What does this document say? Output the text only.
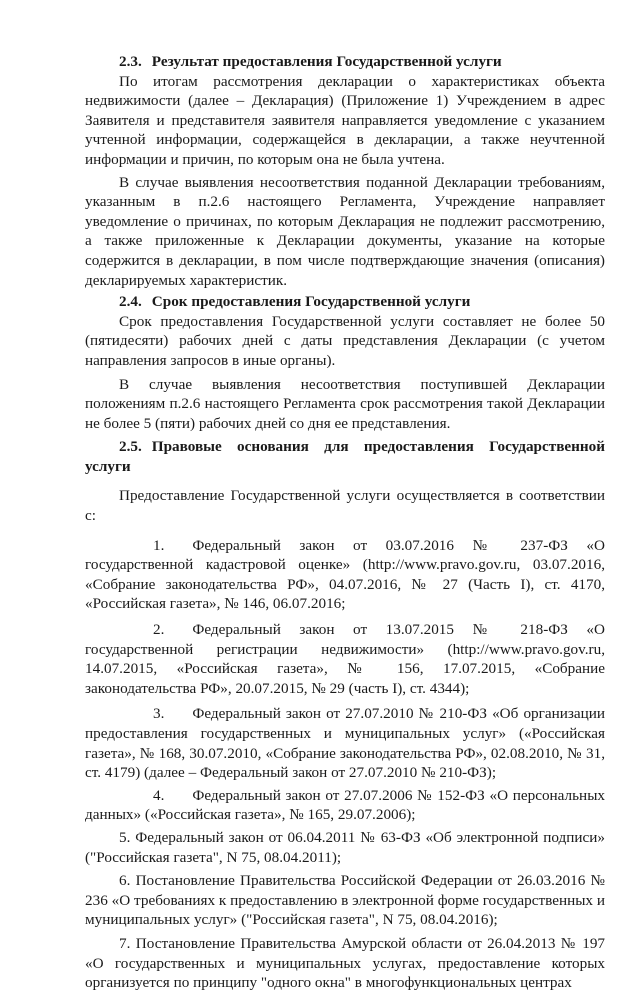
2.3. Результат предоставления Государственной услуги

По итогам рассмотрения декларации о характеристиках объекта недвижимости (далее – Декларация) (Приложение 1) Учреждением в адрес Заявителя и представителя заявителя направляется уведомление с указанием учтенной информации, содержащейся в декларации, а также неучтенной информации и причин, по которым она не была учтена.

В случае выявления несоответствия поданной Декларации требованиям, указанным в п.2.6 настоящего Регламента, Учреждение направляет уведомление о причинах, по которым Декларация не подлежит рассмотрению, а также приложенные к Декларации документы, указание на которые содержится в декларации, в пом числе подтверждающие значения (описания) декларируемых характеристик.

2.4. Срок предоставления Государственной услуги

Срок предоставления Государственной услуги составляет не более 50 (пятидесяти) рабочих дней с даты представления Декларации (с учетом направления запросов в иные органы).

В случае выявления несоответствия поступившей Декларации положениям п.2.6 настоящего Регламента срок рассмотрения такой Декларации не более 5 (пяти) рабочих дней со дня ее представления.

2.5. Правовые основания для предоставления Государственной услуги

Предоставление Государственной услуги осуществляется в соответствии с:

1. Федеральный закон от 03.07.2016 № 237-ФЗ «О государственной кадастровой оценке» (http://www.pravo.gov.ru, 03.07.2016, «Собрание законодательства РФ», 04.07.2016, № 27 (Часть I), ст. 4170, «Российская газета», № 146, 06.07.2016;

2. Федеральный закон от 13.07.2015 № 218-ФЗ «О государственной регистрации недвижимости» (http://www.pravo.gov.ru, 14.07.2015, «Российская газета», № 156, 17.07.2015, «Собрание законодательства РФ», 20.07.2015, № 29 (часть I), ст. 4344);

3. Федеральный закон от 27.07.2010 № 210-ФЗ «Об организации предоставления государственных и муниципальных услуг» («Российская газета», № 168, 30.07.2010, «Собрание законодательства РФ», 02.08.2010, № 31, ст. 4179) (далее – Федеральный закон от 27.07.2010 № 210-ФЗ);

4. Федеральный закон от 27.07.2006 № 152-ФЗ «О персональных данных» («Российская газета», № 165, 29.07.2006);

5. Федеральный закон от 06.04.2011 № 63-ФЗ «Об электронной подписи» ("Российская газета", N 75, 08.04.2011);

6. Постановление Правительства Российской Федерации от 26.03.2016 № 236 «О требованиях к предоставлению в электронной форме государственных и муниципальных услуг» ("Российская газета", N 75, 08.04.2016);

7. Постановление Правительства Амурской области от 26.04.2013 № 197 «О государственных и муниципальных услугах, предоставление которых организуется по принципу "одного окна" в многофункциональных центрах
